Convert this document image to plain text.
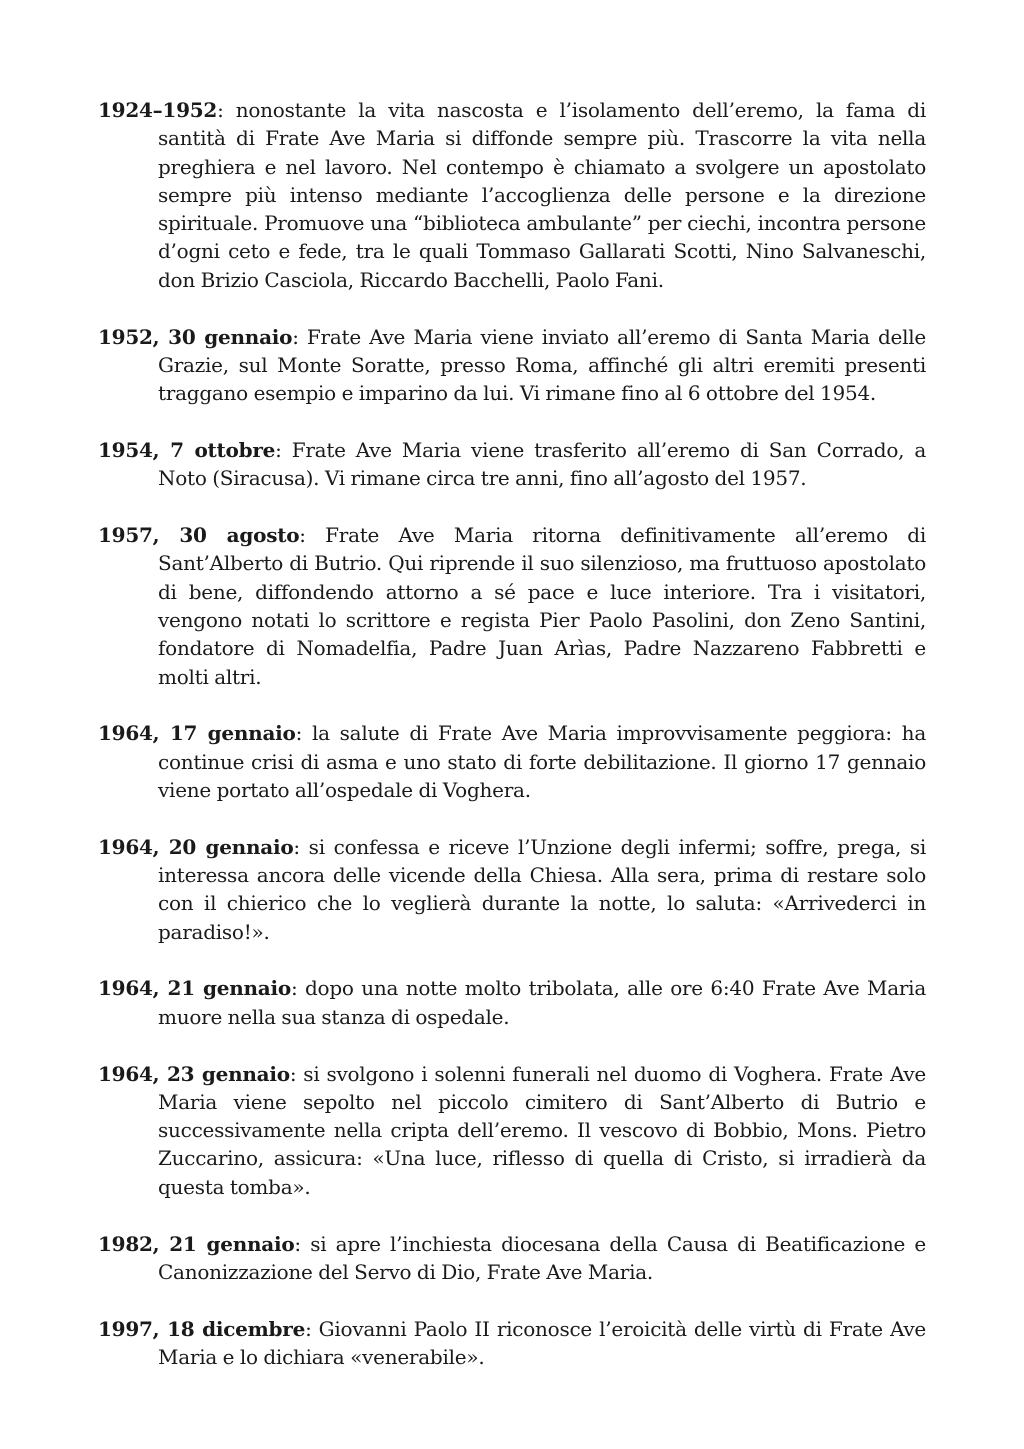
1924–1952: nonostante la vita nascosta e l’isolamento dell’eremo, la fama di santità di Frate Ave Maria si diffonde sempre più. Trascorre la vita nella preghiera e nel lavoro. Nel contempo è chiamato a svolgere un apostolato sempre più intenso mediante l’accoglienza delle persone e la direzione spirituale. Promuove una “biblioteca ambulante” per ciechi, incontra persone d’ogni ceto e fede, tra le quali Tommaso Gallarati Scotti, Nino Salvaneschi, don Brizio Casciola, Riccardo Bacchelli, Paolo Fani.

1952, 30 gennaio: Frate Ave Maria viene inviato all’eremo di Santa Maria delle Grazie, sul Monte Soratte, presso Roma, affinché gli altri eremiti presenti traggano esempio e imparino da lui. Vi rimane fino al 6 ottobre del 1954.

1954, 7 ottobre: Frate Ave Maria viene trasferito all’eremo di San Corrado, a Noto (Siracusa). Vi rimane circa tre anni, fino all’agosto del 1957.

1957, 30 agosto: Frate Ave Maria ritorna definitivamente all’eremo di Sant’Alberto di Butrio. Qui riprende il suo silenzioso, ma fruttuoso apostolato di bene, diffondendo attorno a sé pace e luce interiore. Tra i visitatori, vengono notati lo scrittore e regista Pier Paolo Pasolini, don Zeno Santini, fondatore di Nomadelfia, Padre Juan Arìas, Padre Nazzareno Fabbretti e molti altri.

1964, 17 gennaio: la salute di Frate Ave Maria improvvisamente peggiora: ha continue crisi di asma e uno stato di forte debilitazione. Il giorno 17 gennaio viene portato all’ospedale di Voghera.

1964, 20 gennaio: si confessa e riceve l’Unzione degli infermi; soffre, prega, si interessa ancora delle vicende della Chiesa. Alla sera, prima di restare solo con il chierico che lo veglierà durante la notte, lo saluta: «Arrivederci in paradiso!».

1964, 21 gennaio: dopo una notte molto tribolata, alle ore 6:40 Frate Ave Maria muore nella sua stanza di ospedale.

1964, 23 gennaio: si svolgono i solenni funerali nel duomo di Voghera. Frate Ave Maria viene sepolto nel piccolo cimitero di Sant’Alberto di Butrio e successivamente nella cripta dell’eremo. Il vescovo di Bobbio, Mons. Pietro Zuccarino, assicura: «Una luce, riflesso di quella di Cristo, si irradierà da questa tomba».

1982, 21 gennaio: si apre l’inchiesta diocesana della Causa di Beatificazione e Canonizzazione del Servo di Dio, Frate Ave Maria.

1997, 18 dicembre: Giovanni Paolo II riconosce l’eroicità delle virtù di Frate Ave Maria e lo dichiara «venerabile».
